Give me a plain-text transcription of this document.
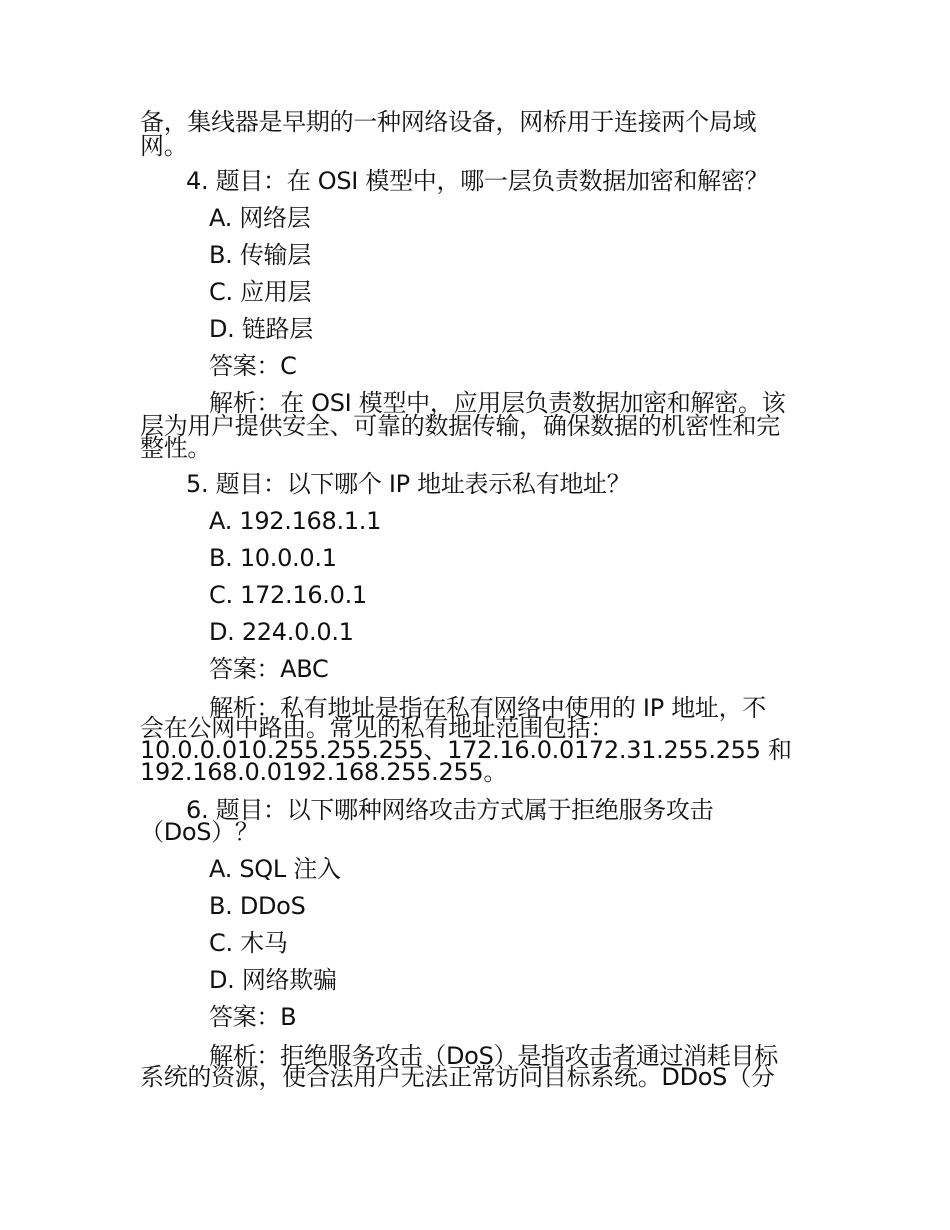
备，集线器是早期的一种网络设备，网桥用于连接两个局域
网。
4. 题目：在 OSI 模型中，哪一层负责数据加密和解密？
A. 网络层
B. 传输层
C. 应用层
D. 链路层
答案：C
解析：在 OSI 模型中，应用层负责数据加密和解密。该
层为用户提供安全、可靠的数据传输，确保数据的机密性和完
整性。
5. 题目：以下哪个 IP 地址表示私有地址？
A. 192.168.1.1
B. 10.0.0.1
C. 172.16.0.1
D. 224.0.0.1
答案：ABC
解析：私有地址是指在私有网络中使用的 IP 地址，不
会在公网中路由。常见的私有地址范围包括：
10.0.0.010.255.255.255、172.16.0.0172.31.255.255 和
192.168.0.0192.168.255.255。
6. 题目：以下哪种网络攻击方式属于拒绝服务攻击
（DoS）？
A. SQL 注入
B. DDoS
C. 木马
D. 网络欺骗
答案：B
解析：拒绝服务攻击（DoS）是指攻击者通过消耗目标
系统的资源，使合法用户无法正常访问目标系统。DDoS（分
